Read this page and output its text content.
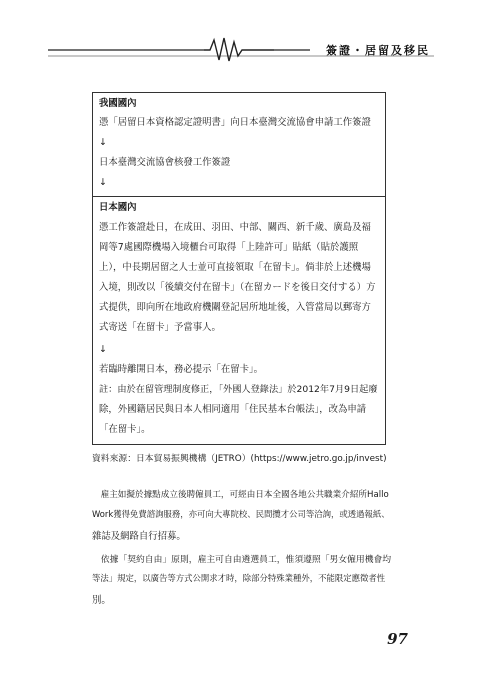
簽證・居留及移民
我國國內
憑「居留日本資格認定證明書」向日本臺灣交流協會申請工作簽證
↓
日本臺灣交流協會核發工作簽證
↓
日本國內
憑工作簽證赴日，在成田、羽田、中部、關西、新千歲、廣島及福
岡等7處國際機場入境櫃台可取得「上陸許可」貼紙（貼於護照
上），中長期居留之人士並可直接領取「在留卡」。倘非於上述機場
入境，則改以「後續交付在留卡」（在留カードを後日交付する）方
式提供，即向所在地政府機關登記居所地址後，入管當局以郵寄方
式寄送「在留卡」予當事人。
↓
若臨時離開日本，務必提示「在留卡」。
註：由於在留管理制度修正，「外國人登錄法」於2012年7月9日起廢
除，外國籍居民與日本人相同適用「住民基本台帳法」，改為申請
「在留卡」。
資料來源：日本貿易振興機構（JETRO）(https://www.jetro.go.jp/invest)
　雇主如擬於據點成立後聘僱員工，可經由日本全國各地公共職業介紹所Hallo
Work獲得免費諮詢服務，亦可向大專院校、民間攬才公司等洽詢，或透過報紙、
雜誌及網路自行招募。
　依據「契約自由」原則，雇主可自由遴選員工，惟須遵照「男女僱用機會均
等法」規定，以廣告等方式公開求才時，除部分特殊業種外，不能限定應徵者性
別。
97
